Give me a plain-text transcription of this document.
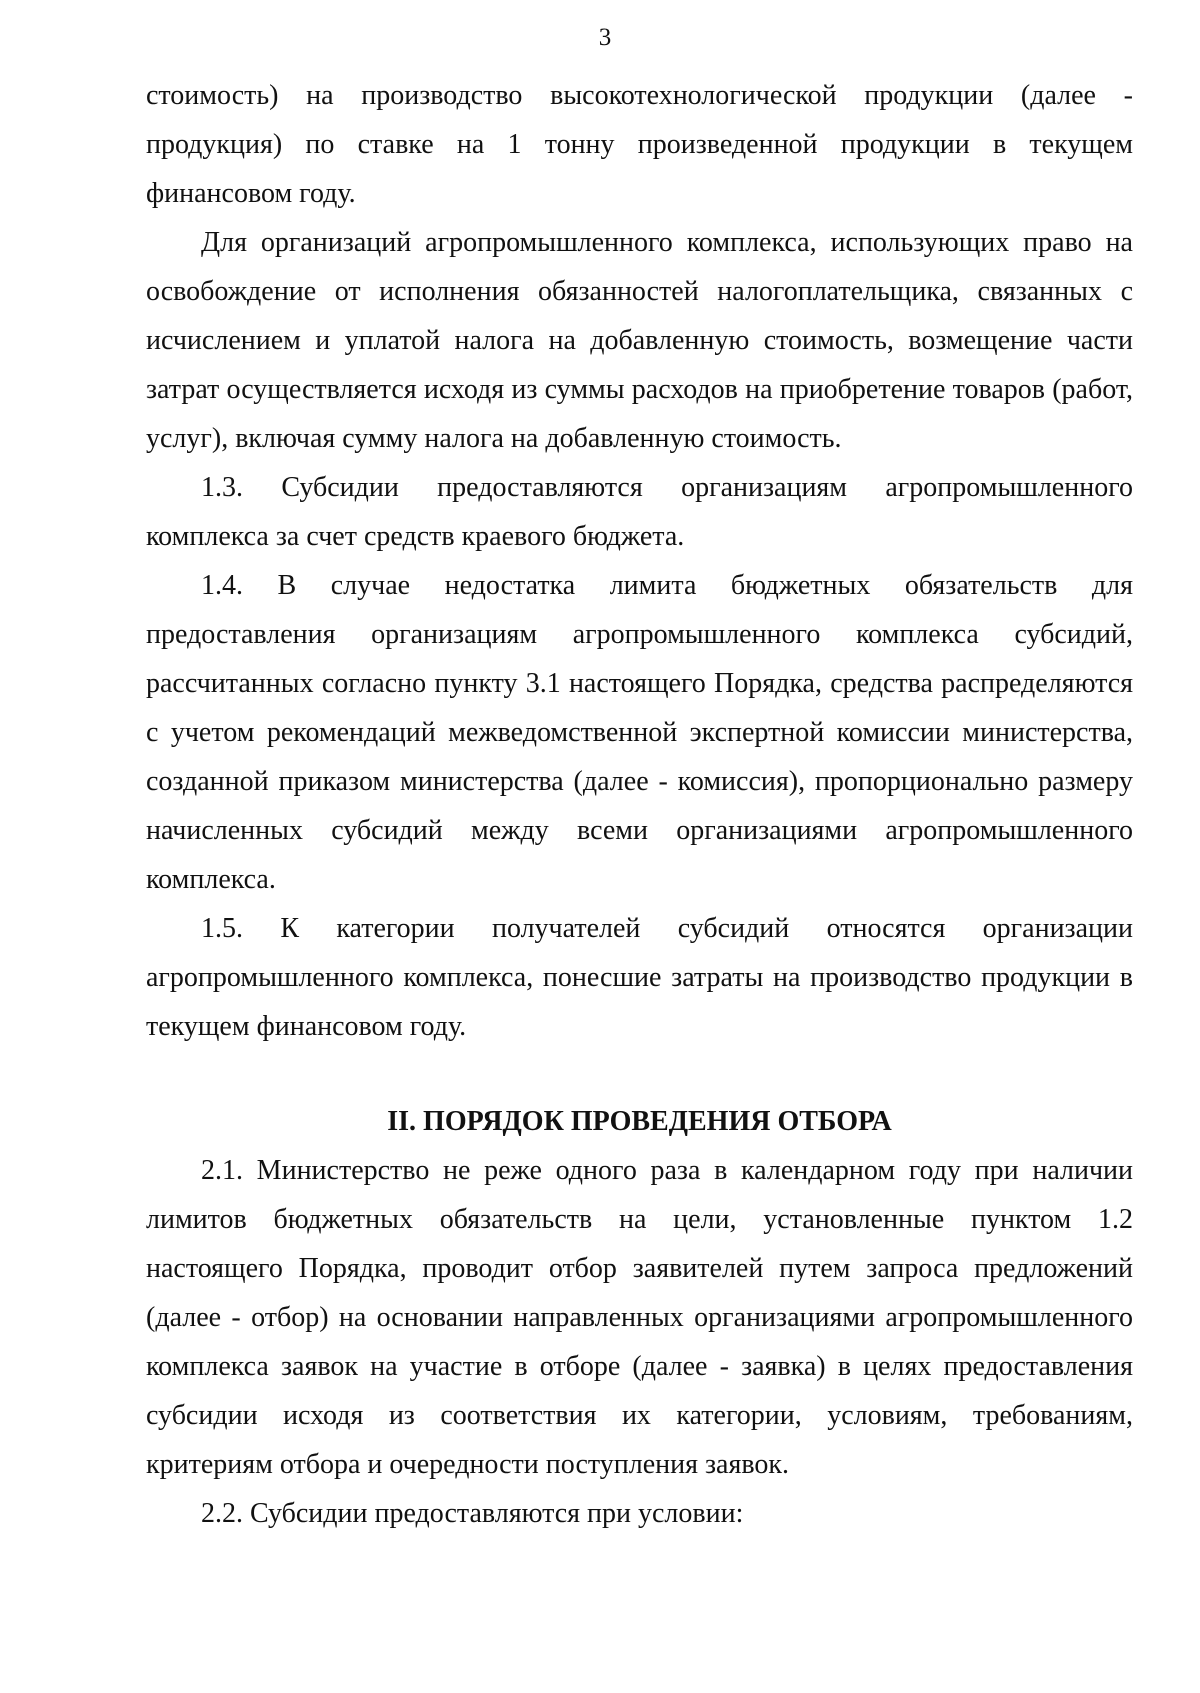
3

стоимость) на производство высокотехнологической продукции (далее - продукция) по ставке на 1 тонну произведенной продукции в текущем финансовом году.

Для организаций агропромышленного комплекса, использующих право на освобождение от исполнения обязанностей налогоплательщика, связанных с исчислением и уплатой налога на добавленную стоимость, возмещение части затрат осуществляется исходя из суммы расходов на приобретение товаров (работ, услуг), включая сумму налога на добавленную стоимость.

1.3. Субсидии предоставляются организациям агропромышленного комплекса за счет средств краевого бюджета.

1.4. В случае недостатка лимита бюджетных обязательств для предоставления организациям агропромышленного комплекса субсидий, рассчитанных согласно пункту 3.1 настоящего Порядка, средства распределяются с учетом рекомендаций межведомственной экспертной комиссии министерства, созданной приказом министерства (далее - комиссия), пропорционально размеру начисленных субсидий между всеми организациями агропромышленного комплекса.

1.5. К категории получателей субсидий относятся организации агропромышленного комплекса, понесшие затраты на производство продукции в текущем финансовом году.

II. ПОРЯДОК ПРОВЕДЕНИЯ ОТБОРА

2.1. Министерство не реже одного раза в календарном году при наличии лимитов бюджетных обязательств на цели, установленные пунктом 1.2 настоящего Порядка, проводит отбор заявителей путем запроса предложений (далее - отбор) на основании направленных организациями агропромышленного комплекса заявок на участие в отборе (далее - заявка) в целях предоставления субсидии исходя из соответствия их категории, условиям, требованиям, критериям отбора и очередности поступления заявок.

2.2. Субсидии предоставляются при условии:
